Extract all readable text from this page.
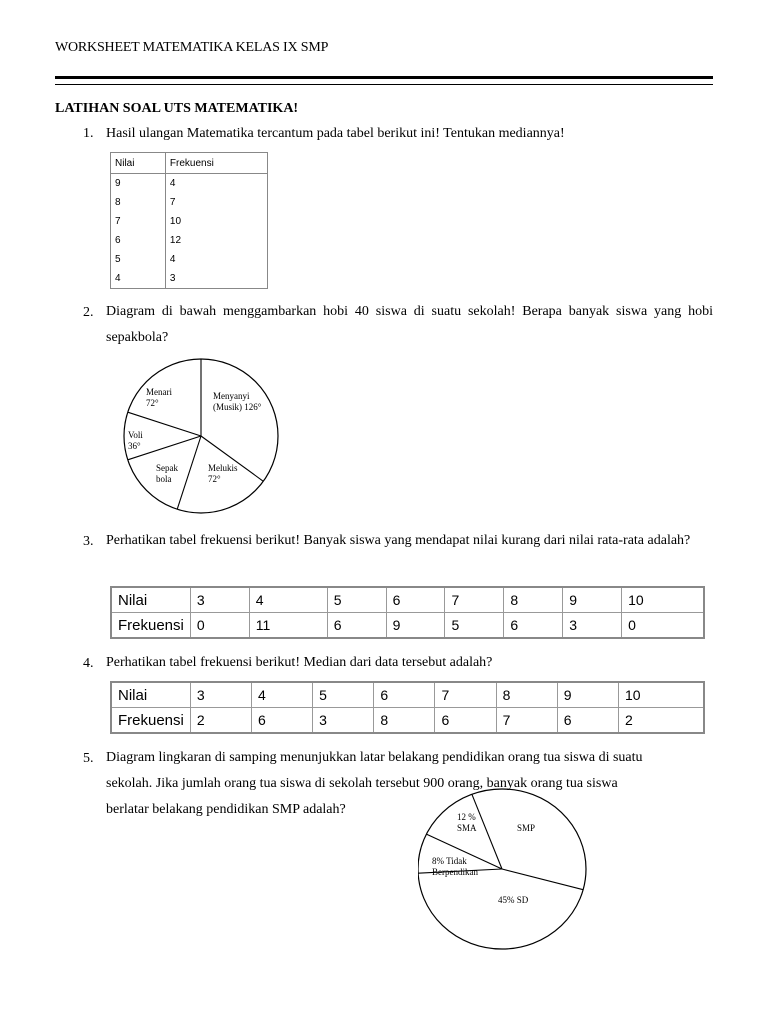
WORKSHEET MATEMATIKA KELAS IX SMP
LATIHAN SOAL UTS MATEMATIKA!
1. Hasil ulangan Matematika tercantum pada tabel berikut ini! Tentukan mediannya!
Nilai	Frekuensi
9	4
8	7
7	10
6	12
5	4
4	3
2. Diagram di bawah menggambarkan hobi 40 siswa di suatu sekolah! Berapa banyak siswa yang hobi sepakbola?
Menari
72°
Menyanyi
(Musik) 126°
Voli
36°
Sepak
bola
Melukis
72°
3. Perhatikan tabel frekuensi berikut! Banyak siswa yang mendapat nilai kurang dari nilai rata-rata adalah?
Nilai	3	4	5	6	7	8	9	10
Frekuensi	0	11	6	9	5	6	3	0
4. Perhatikan tabel frekuensi berikut! Median dari data tersebut adalah?
Nilai	3	4	5	6	7	8	9	10
Frekuensi	2	6	3	8	6	7	6	2
5. Diagram lingkaran di samping menunjukkan latar belakang pendidikan orang tua siswa di suatu
sekolah. Jika jumlah orang tua siswa di sekolah tersebut 900 orang, banyak orang tua siswa
berlatar belakang pendidikan SMP adalah?	12 %
SMA	SMP
8% Tidak
Berpendikan
45% SD
